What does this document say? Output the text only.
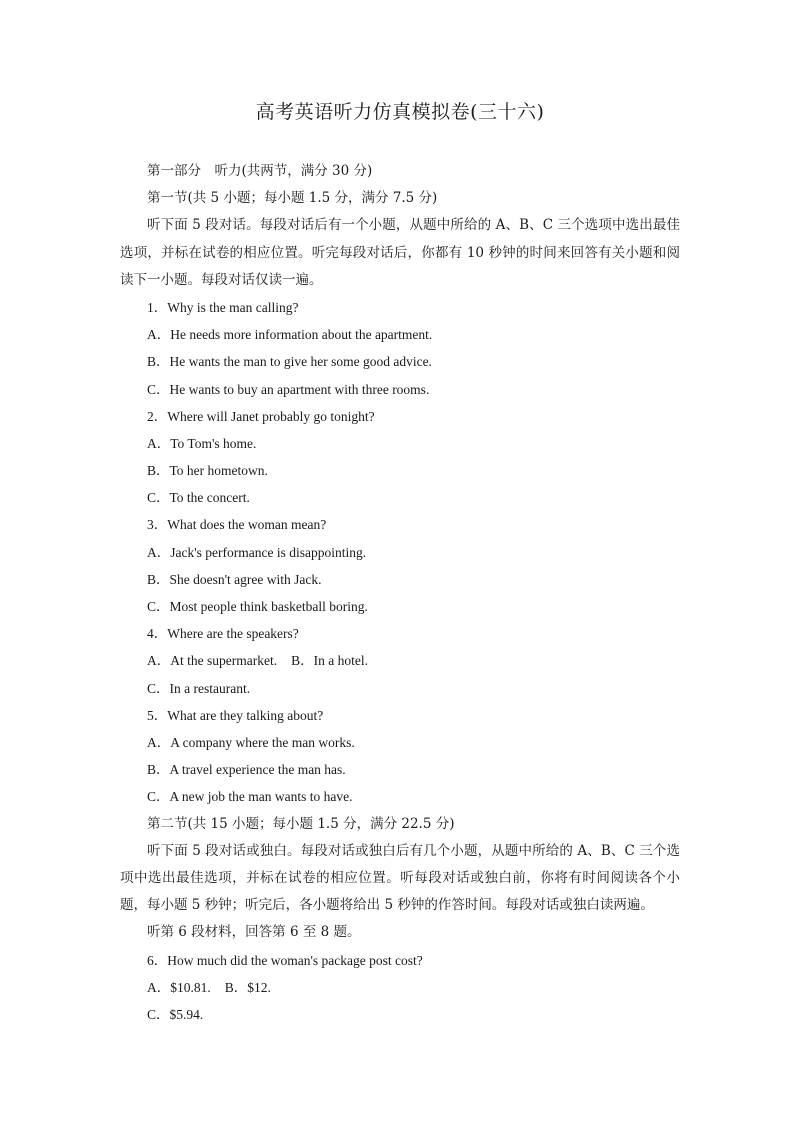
高考英语听力仿真模拟卷(三十六)
第一部分　听力(共两节，满分 30 分)
第一节(共 5 小题；每小题 1.5 分，满分 7.5 分)
听下面 5 段对话。每段对话后有一个小题，从题中所给的 A、B、C 三个选项中选出最佳选项，并标在试卷的相应位置。听完每段对话后，你都有 10 秒钟的时间来回答有关小题和阅读下一小题。每段对话仅读一遍。
1．Why is the man calling?
A．He needs more information about the apartment.
B．He wants the man to give her some good advice.
C．He wants to buy an apartment with three rooms.
2．Where will Janet probably go tonight?
A．To Tom's home.
B．To her hometown.
C．To the concert.
3．What does the woman mean?
A．Jack's performance is disappointing.
B．She doesn't agree with Jack.
C．Most people think basketball boring.
4．Where are the speakers?
A．At the supermarket. B．In a hotel.
C．In a restaurant.
5．What are they talking about?
A．A company where the man works.
B．A travel experience the man has.
C．A new job the man wants to have.
第二节(共 15 小题；每小题 1.5 分，满分 22.5 分)
听下面 5 段对话或独白。每段对话或独白后有几个小题，从题中所给的 A、B、C 三个选项中选出最佳选项，并标在试卷的相应位置。听每段对话或独白前，你将有时间阅读各个小题，每小题 5 秒钟；听完后，各小题将给出 5 秒钟的作答时间。每段对话或独白读两遍。
听第 6 段材料，回答第 6 至 8 题。
6．How much did the woman's package post cost?
A．$10.81. B．$12.
C．$5.94.
